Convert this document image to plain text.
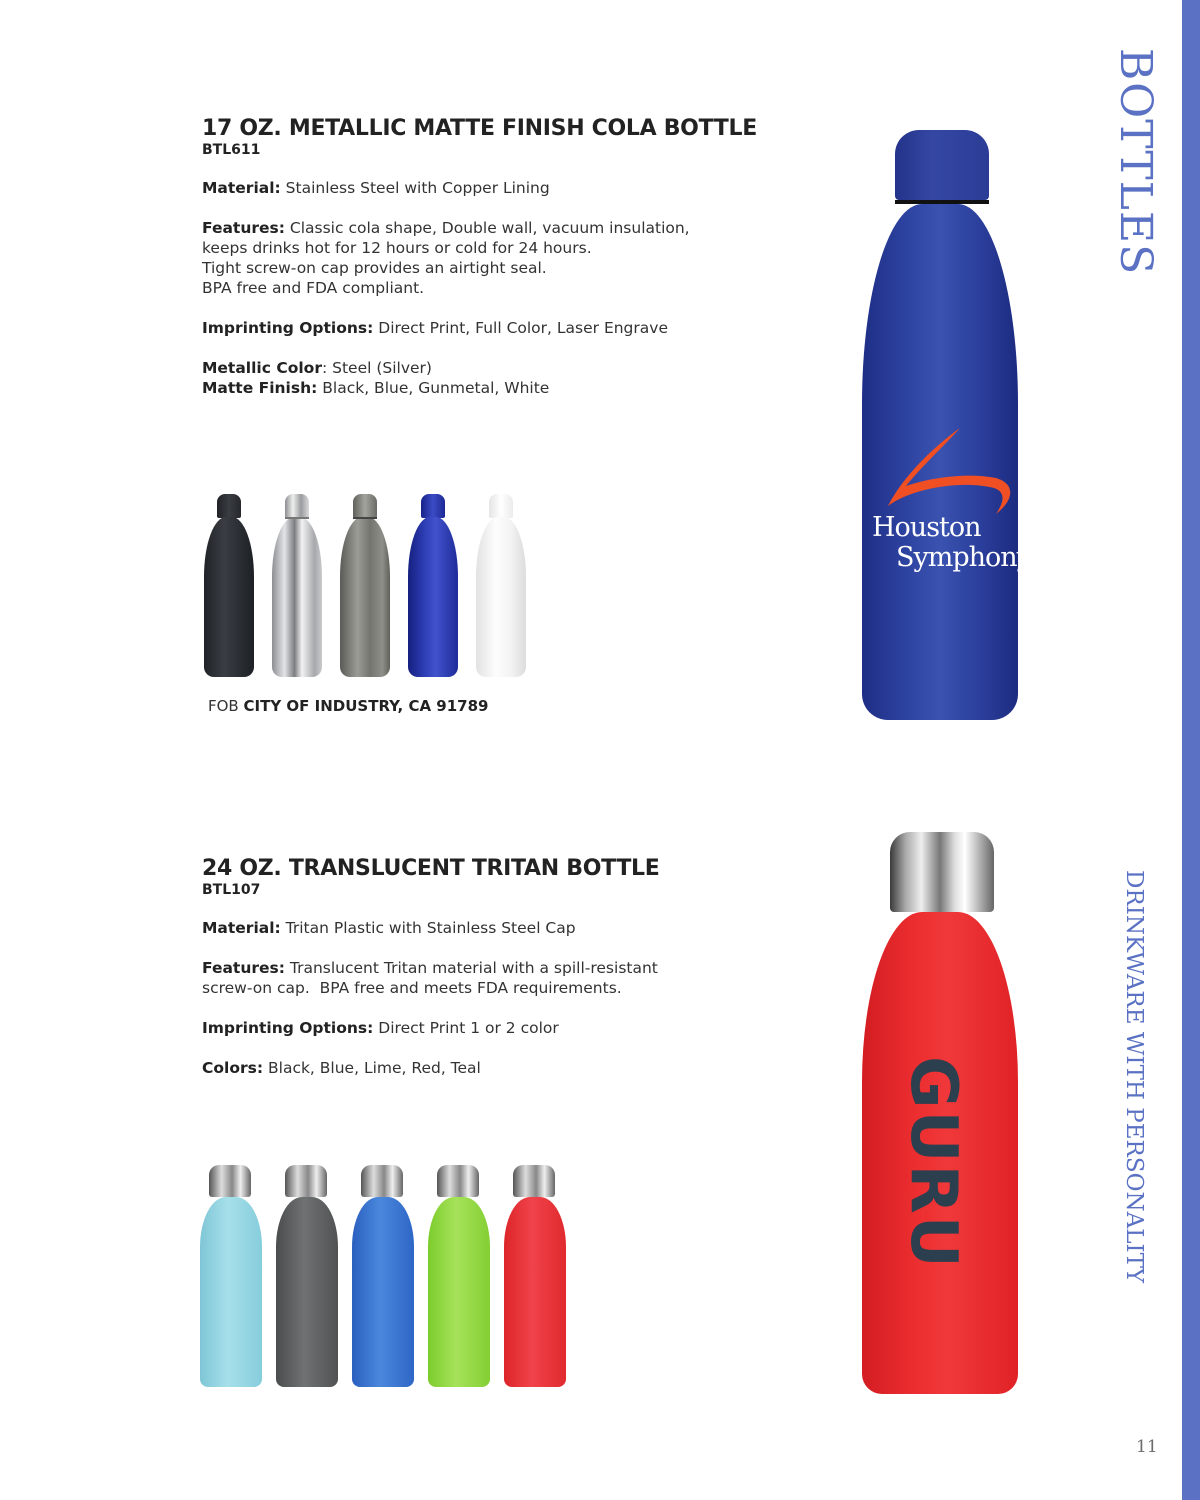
BOTTLES
DRINKWARE WITH PERSONALITY
11
17 OZ. METALLIC MATTE FINISH COLA BOTTLE
BTL611
Material: Stainless Steel with Copper Lining
Features: Classic cola shape, Double wall, vacuum insulation,
keeps drinks hot for 12 hours or cold for 24 hours.
Tight screw-on cap provides an airtight seal.
BPA free and FDA compliant.
Imprinting Options: Direct Print, Full Color, Laser Engrave
Metallic Color: Steel (Silver)
Matte Finish: Black, Blue, Gunmetal, White
FOB CITY OF INDUSTRY, CA 91789
Houston
Symphony
24 OZ. TRANSLUCENT TRITAN BOTTLE
BTL107
Material: Tritan Plastic with Stainless Steel Cap
Features: Translucent Tritan material with a spill-resistant
screw-on cap.  BPA free and meets FDA requirements.
Imprinting Options: Direct Print 1 or 2 color
Colors: Black, Blue, Lime, Red, Teal	GURU
